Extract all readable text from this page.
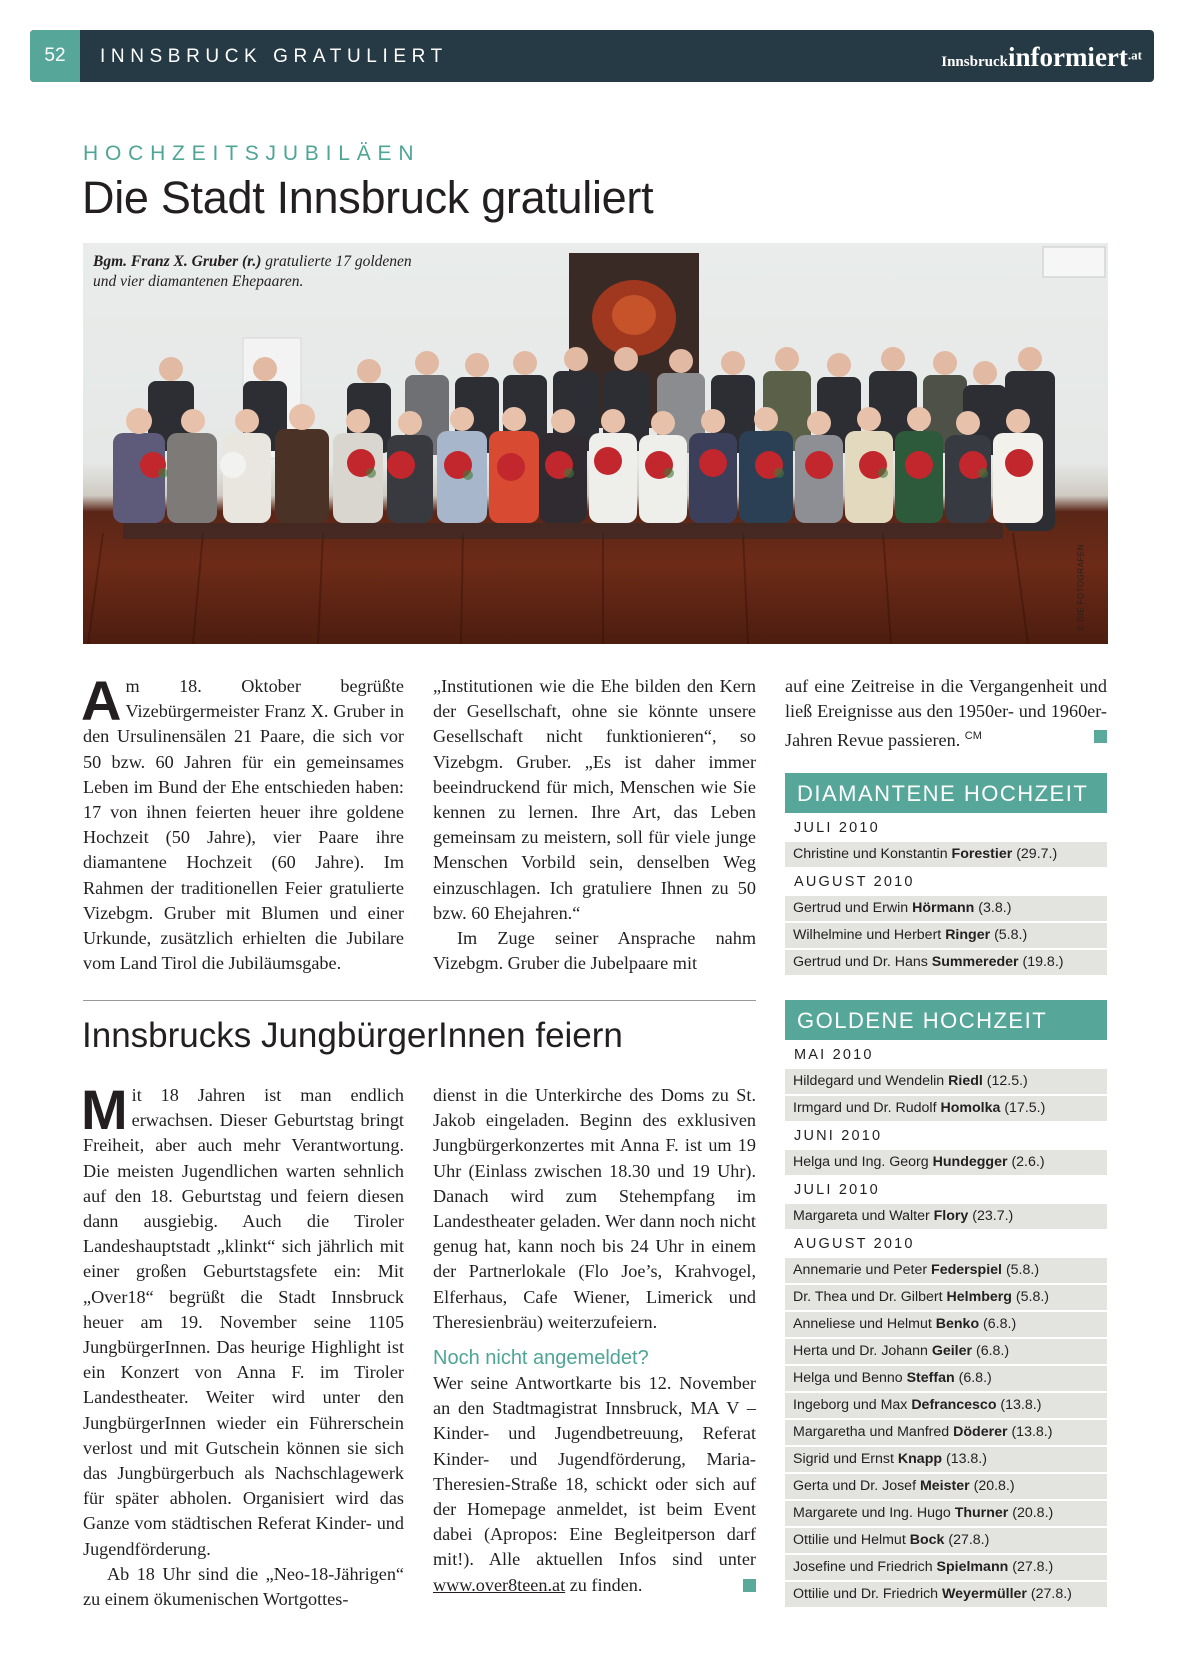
52	INNSBRUCK GRATULIERT	Innsbruckinformiert$^{.at}$
HOCHZEITSJUBILÄEN
Die Stadt Innsbruck gratuliert
Bgm. Franz X. Gruber (r.) gratulierte 17 goldenen
und vier diamantenen Ehepaaren.
© DIE FOTOGRAFEN

Am 18. Oktober begrüßte Vizebürgermeister Franz X. Gruber in den Ursulinensälen 21 Paare, die sich vor 50 bzw. 60 Jahren für ein gemeinsames Leben im Bund der Ehe entschieden haben: 17 von ihnen feierten heuer ihre goldene Hochzeit (50 Jahre), vier Paare ihre diamantene Hochzeit (60 Jahre). Im Rahmen der traditionellen Feier gratulierte Vizebgm. Gruber mit Blumen und einer Urkunde, zusätzlich erhielten die Jubilare vom Land Tirol die Jubiläumsgabe.

„Institutionen wie die Ehe bilden den Kern der Gesellschaft, ohne sie könnte unsere Gesellschaft nicht funktionieren“, so Vizebgm. Gruber. „Es ist daher immer beeindruckend für mich, Menschen wie Sie kennen zu lernen. Ihre Art, das Leben gemeinsam zu meistern, soll für viele junge Menschen Vorbild sein, denselben Weg einzuschlagen. Ich gratuliere Ihnen zu 50 bzw. 60 Ehejahren.“

Im Zuge seiner Ansprache nahm Vizebgm. Gruber die Jubelpaare mit

auf eine Zeitreise in die Vergangenheit und ließ Ereignisse aus den 1950er- und 1960er-Jahren Revue passieren. $^{CM}$

DIAMANTENE HOCHZEIT
JULI 2010
Christine und Konstantin Forestier (29.7.)
AUGUST 2010
Gertrud und Erwin Hörmann (3.8.)
Wilhelmine und Herbert Ringer (5.8.)
Gertrud und Dr. Hans Summereder (19.8.)
GOLDENE HOCHZEIT
MAI 2010
Hildegard und Wendelin Riedl (12.5.)
Irmgard und Dr. Rudolf Homolka (17.5.)
JUNI 2010
Helga und Ing. Georg Hundegger (2.6.)
JULI 2010
Margareta und Walter Flory (23.7.)
AUGUST 2010
Annemarie und Peter Federspiel (5.8.)
Dr. Thea und Dr. Gilbert Helmberg (5.8.)
Anneliese und Helmut Benko (6.8.)
Herta und Dr. Johann Geiler (6.8.)
Helga und Benno Steffan (6.8.)
Ingeborg und Max Defrancesco (13.8.)
Margaretha und Manfred Döderer (13.8.)
Sigrid und Ernst Knapp (13.8.)
Gerta und Dr. Josef Meister (20.8.)
Margarete und Ing. Hugo Thurner (20.8.)
Ottilie und Helmut Bock (27.8.)
Josefine und Friedrich Spielmann (27.8.)
Ottilie und Dr. Friedrich Weyermüller (27.8.)
Innsbrucks JungbürgerInnen feiern

Mit 18 Jahren ist man endlich erwachsen. Dieser Geburtstag bringt Freiheit, aber auch mehr Verantwortung. Die meisten Jugendlichen warten sehnlich auf den 18. Geburtstag und feiern diesen dann ausgiebig. Auch die Tiroler Landeshauptstadt „klinkt“ sich jährlich mit einer großen Geburtstagsfete ein: Mit „Over18“ begrüßt die Stadt Innsbruck heuer am 19. November seine 1105 JungbürgerInnen. Das heurige Highlight ist ein Konzert von Anna F. im Tiroler Landestheater. Weiter wird unter den JungbürgerInnen wieder ein Führerschein verlost und mit Gutschein können sie sich das Jungbürgerbuch als Nachschlagewerk für später abholen. Organisiert wird das Ganze vom städtischen Referat Kinder- und Jugendförderung.

Ab 18 Uhr sind die „Neo-18-Jährigen“ zu einem ökumenischen Wortgottes-

dienst in die Unterkirche des Doms zu St. Jakob eingeladen. Beginn des exklusiven Jungbürgerkonzertes mit Anna F. ist um 19 Uhr (Einlass zwischen 18.30 und 19 Uhr). Danach wird zum Stehempfang im Landestheater geladen. Wer dann noch nicht genug hat, kann noch bis 24 Uhr in einem der Partnerlokale (Flo Joe’s, Krahvogel, Elferhaus, Cafe Wiener, Limerick und Theresienbräu) weiterzufeiern.

Noch nicht angemeldet?

Wer seine Antwortkarte bis 12. November an den Stadtmagistrat Innsbruck, MA V – Kinder- und Jugendbetreuung, Referat Kinder- und Jugendförderung, Maria-Theresien-Straße 18, schickt oder sich auf der Homepage anmeldet, ist beim Event dabei (Apropos: Eine Begleitperson darf mit!). Alle aktuellen Infos sind unter www.over8teen.at zu finden.
